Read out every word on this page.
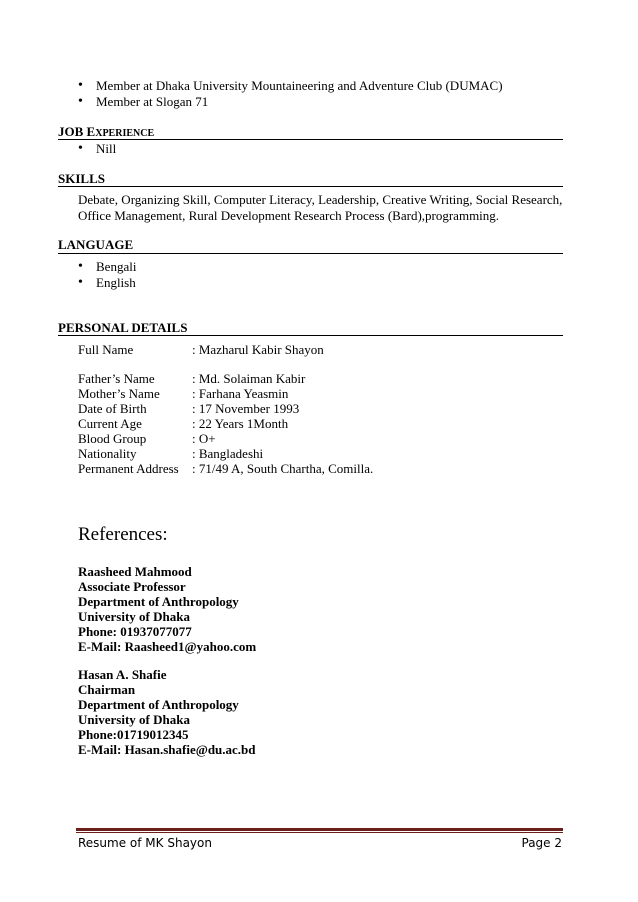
• Member at Dhaka University Mountaineering and Adventure Club (DUMAC)
• Member at Slogan 71
JOB EXPERIENCE
• Nill
SKILLS
Debate, Organizing Skill, Computer Literacy, Leadership, Creative Writing, Social Research, Office Management, Rural Development Research Process (Bard),programming.
LANGUAGE
• Bengali
• English
PERSONAL DETAILS
Full Name	: Mazharul Kabir Shayon
Father’s Name	: Md. Solaiman Kabir
Mother’s Name : Farhana Yeasmin
Date of Birth	: 17 November 1993
Current Age	: 22 Years 1Month
Blood Group	: O+
Nationality	: Bangladeshi
Permanent Address : 71/49 A, South Chartha, Comilla.
References:
Raasheed Mahmood
Associate Professor
Department of Anthropology
University of Dhaka
Phone: 01937077077
E-Mail: Raasheed1@yahoo.com
Hasan A. Shafie
Chairman
Department of Anthropology
University of Dhaka
Phone:01719012345
E-Mail: Hasan.shafie@du.ac.bd
Resume of MK Shayon	Page 2
